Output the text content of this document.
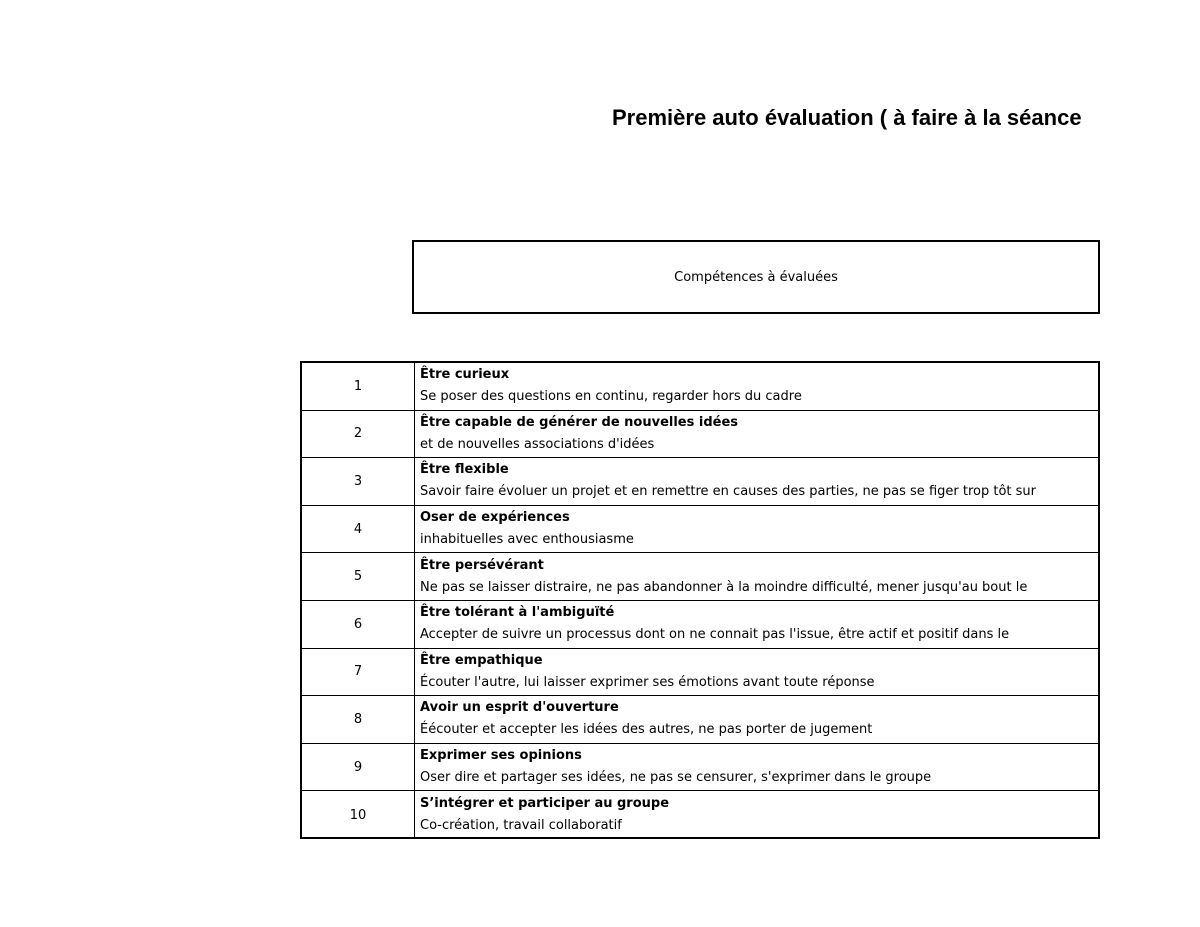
Première auto évaluation ( à faire à la séance
Compétences à évaluées
1
Être curieux
Se poser des questions en continu, regarder hors du cadre
2
Être capable de générer de nouvelles idées
et de nouvelles associations d'idées
3
Être flexible
Savoir faire évoluer un projet et en remettre en causes des parties, ne pas se figer trop tôt sur
4
Oser de expériences
inhabituelles avec enthousiasme
5
Être persévérant
Ne pas se laisser distraire, ne pas abandonner à la moindre difficulté, mener jusqu'au bout le
6
Être tolérant à l'ambiguïté
Accepter de suivre un processus dont on ne connait pas l'issue, être actif et positif dans le
7
Être empathique
Écouter l'autre, lui laisser exprimer ses émotions avant toute réponse
8
Avoir un esprit d'ouverture
Éécouter et accepter les idées des autres, ne pas porter de jugement
9
Exprimer ses opinions
Oser dire et partager ses idées, ne pas se censurer, s'exprimer dans le groupe
10
S’intégrer et participer au groupe
Co-création, travail collaboratif
